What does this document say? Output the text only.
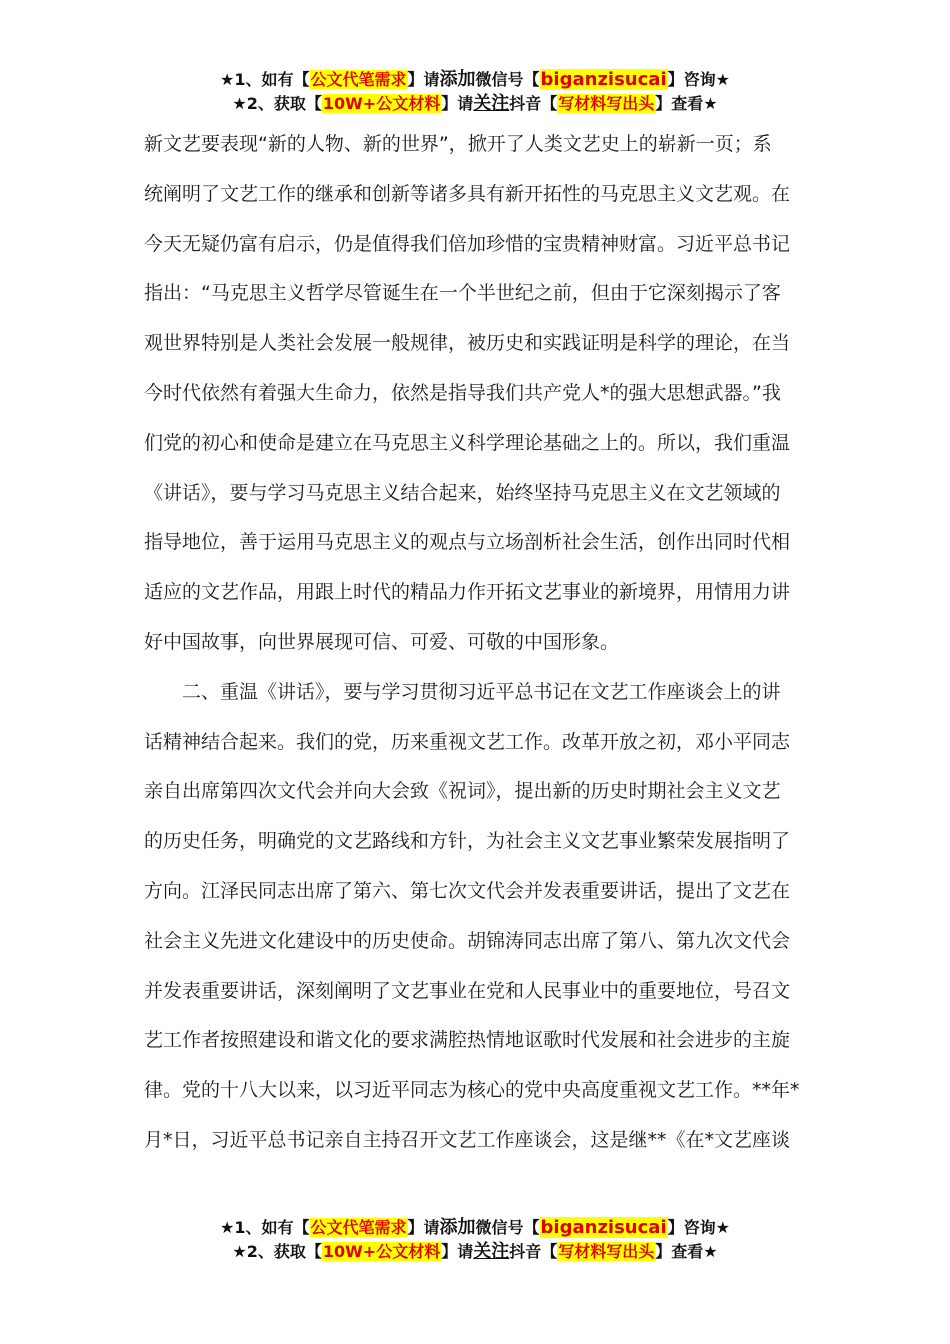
★1、如有【公文代笔需求】请添加微信号【biganzisucai】咨询★
★2、获取【10W+公文材料】请关注抖音【写材料写出头】查看★

新文艺要表现“新的人物、新的世界”，掀开了人类文艺史上的崭新一页；系
统阐明了文艺工作的继承和创新等诸多具有新开拓性的马克思主义文艺观。在
今天无疑仍富有启示，仍是值得我们倍加珍惜的宝贵精神财富。习近平总书记
指出：“马克思主义哲学尽管诞生在一个半世纪之前，但由于它深刻揭示了客
观世界特别是人类社会发展一般规律，被历史和实践证明是科学的理论，在当
今时代依然有着强大生命力，依然是指导我们共产党人*的强大思想武器。”我
们党的初心和使命是建立在马克思主义科学理论基础之上的。所以，我们重温
《讲话》，要与学习马克思主义结合起来，始终坚持马克思主义在文艺领域的
指导地位，善于运用马克思主义的观点与立场剖析社会生活，创作出同时代相
适应的文艺作品，用跟上时代的精品力作开拓文艺事业的新境界，用情用力讲
好中国故事，向世界展现可信、可爱、可敬的中国形象。

　　二、重温《讲话》，要与学习贯彻习近平总书记在文艺工作座谈会上的讲
话精神结合起来。我们的党，历来重视文艺工作。改革开放之初，邓小平同志
亲自出席第四次文代会并向大会致《祝词》，提出新的历史时期社会主义文艺
的历史任务，明确党的文艺路线和方针，为社会主义文艺事业繁荣发展指明了
方向。江泽民同志出席了第六、第七次文代会并发表重要讲话，提出了文艺在
社会主义先进文化建设中的历史使命。胡锦涛同志出席了第八、第九次文代会
并发表重要讲话，深刻阐明了文艺事业在党和人民事业中的重要地位，号召文
艺工作者按照建设和谐文化的要求满腔热情地讴歌时代发展和社会进步的主旋
律。党的十八大以来，以习近平同志为核心的党中央高度重视文艺工作。**年*
月*日，习近平总书记亲自主持召开文艺工作座谈会，这是继**《在*文艺座谈

★1、如有【公文代笔需求】请添加微信号【biganzisucai】咨询★
★2、获取【10W+公文材料】请关注抖音【写材料写出头】查看★
